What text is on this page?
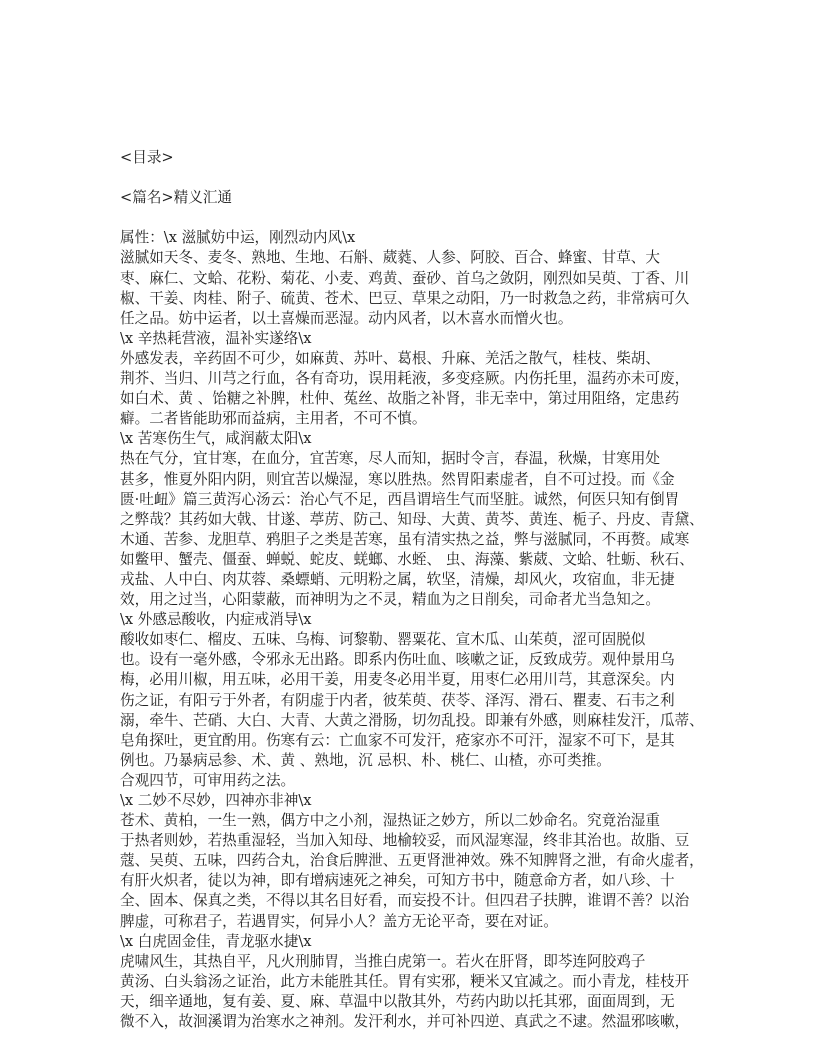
<目录>
<篇名>精义汇通
属性：\x 滋腻妨中运，刚烈动内风\x
滋腻如天冬、麦冬、熟地、生地、石斛、葳蕤、人参、阿胶、百合、蜂蜜、甘草、大
枣、麻仁、文蛤、花粉、菊花、小麦、鸡黄、蚕砂、首乌之敛阴，刚烈如吴萸、丁香、川
椒、干姜、肉桂、附子、硫黄、苍术、巴豆、草果之动阳，乃一时救急之药，非常病可久
任之品。妨中运者，以土喜燥而恶湿。动内风者，以木喜水而憎火也。
\x 辛热耗营液，温补实遂络\x
外感发表，辛药固不可少，如麻黄、苏叶、葛根、升麻、羌活之散气，桂枝、柴胡、
荆芥、当归、川芎之行血，各有奇功，误用耗液，多变痉厥。内伤托里，温药亦未可废，
如白术、黄 、饴糖之补脾，杜仲、菟丝、故脂之补肾，非无幸中，第过用阻络，定患药
癖。二者皆能助邪而益病，主用者，不可不慎。
\x 苦寒伤生气，咸润蔽太阳\x
热在气分，宜甘寒，在血分，宜苦寒，尽人而知，据时令言，春温，秋燥，甘寒用处
甚多，惟夏外阳内阴，则宜苦以燥湿，寒以胜热。然胃阳素虚者，自不可过投。而《金
匮·吐衄》篇三黄泻心汤云：治心气不足，西昌谓培生气而坚脏。诚然，何医只知有倒胃
之弊哉？其药如大戟、甘遂、葶苈、防己、知母、大黄、黄芩、黄连、栀子、丹皮、青黛、
木通、苦参、龙胆草、鸦胆子之类是苦寒，虽有清实热之益，弊与滋腻同，不再赘。咸寒
如鳖甲、蟹壳、僵蚕、蝉蜕、蛇皮、蜣螂、水蛭、 虫、海藻、紫葳、文蛤、牡蛎、秋石、
戎盐、人中白、肉苁蓉、桑螵蛸、元明粉之属，软坚，清燥，却风火，攻宿血，非无捷
效，用之过当，心阳蒙蔽，而神明为之不灵，精血为之日削矣，司命者尤当急知之。
\x 外感忌酸收，内症戒消导\x
酸收如枣仁、榴皮、五味、乌梅、诃黎勒、罂粟花、宣木瓜、山茱萸，涩可固脱似
也。设有一毫外感，令邪永无出路。即系内伤吐血、咳嗽之证，反致成劳。观仲景用乌
梅，必用川椒，用五味，必用干姜，用麦冬必用半夏，用枣仁必用川芎，其意深矣。内
伤之证，有阳亏于外者，有阴虚于内者，彼茱萸、茯苓、泽泻、滑石、瞿麦、石韦之利
溺，牵牛、芒硝、大白、大青、大黄之滑肠，切勿乱投。即兼有外感，则麻桂发汗，瓜蒂、
皂角探吐，更宜酌用。伤寒有云：亡血家不可发汗，疮家亦不可汗，湿家不可下，是其
例也。乃暴病忌参、术、黄 、熟地，沉 忌枳、朴、桃仁、山楂，亦可类推。
合观四节，可审用药之法。
\x 二妙不尽妙，四神亦非神\x
苍术、黄柏，一生一熟，偶方中之小剂，湿热证之妙方，所以二妙命名。究竟治湿重
于热者则妙，若热重湿轻，当加入知母、地榆较妥，而风湿寒湿，终非其治也。故脂、豆
蔻、吴萸、五味，四药合丸，治食后脾泄、五更肾泄神效。殊不知脾肾之泄，有命火虚者，
有肝火炽者，徒以为神，即有增病速死之神矣，可知方书中，随意命方者，如八珍、十
全、固本、保真之类，不得以其名目好看，而妄投不计。但四君子扶脾，谁谓不善？以治
脾虚，可称君子，若遇胃实，何异小人？盖方无论平奇，要在对证。
\x 白虎固金佳，青龙驱水捷\x
虎啸风生，其热自平，凡火刑肺胃，当推白虎第一。若火在肝肾，即芩连阿胶鸡子
黄汤、白头翁汤之证治，此方未能胜其任。胃有实邪，粳米又宜减之。而小青龙，桂枝开
天，细辛通地，复有姜、夏、麻、草温中以散其外，芍药内助以托其邪，面面周到，无
微不入，故洄溪谓为治寒水之神剂。发汗利水，并可补四逆、真武之不逮。然温邪咳嗽，
